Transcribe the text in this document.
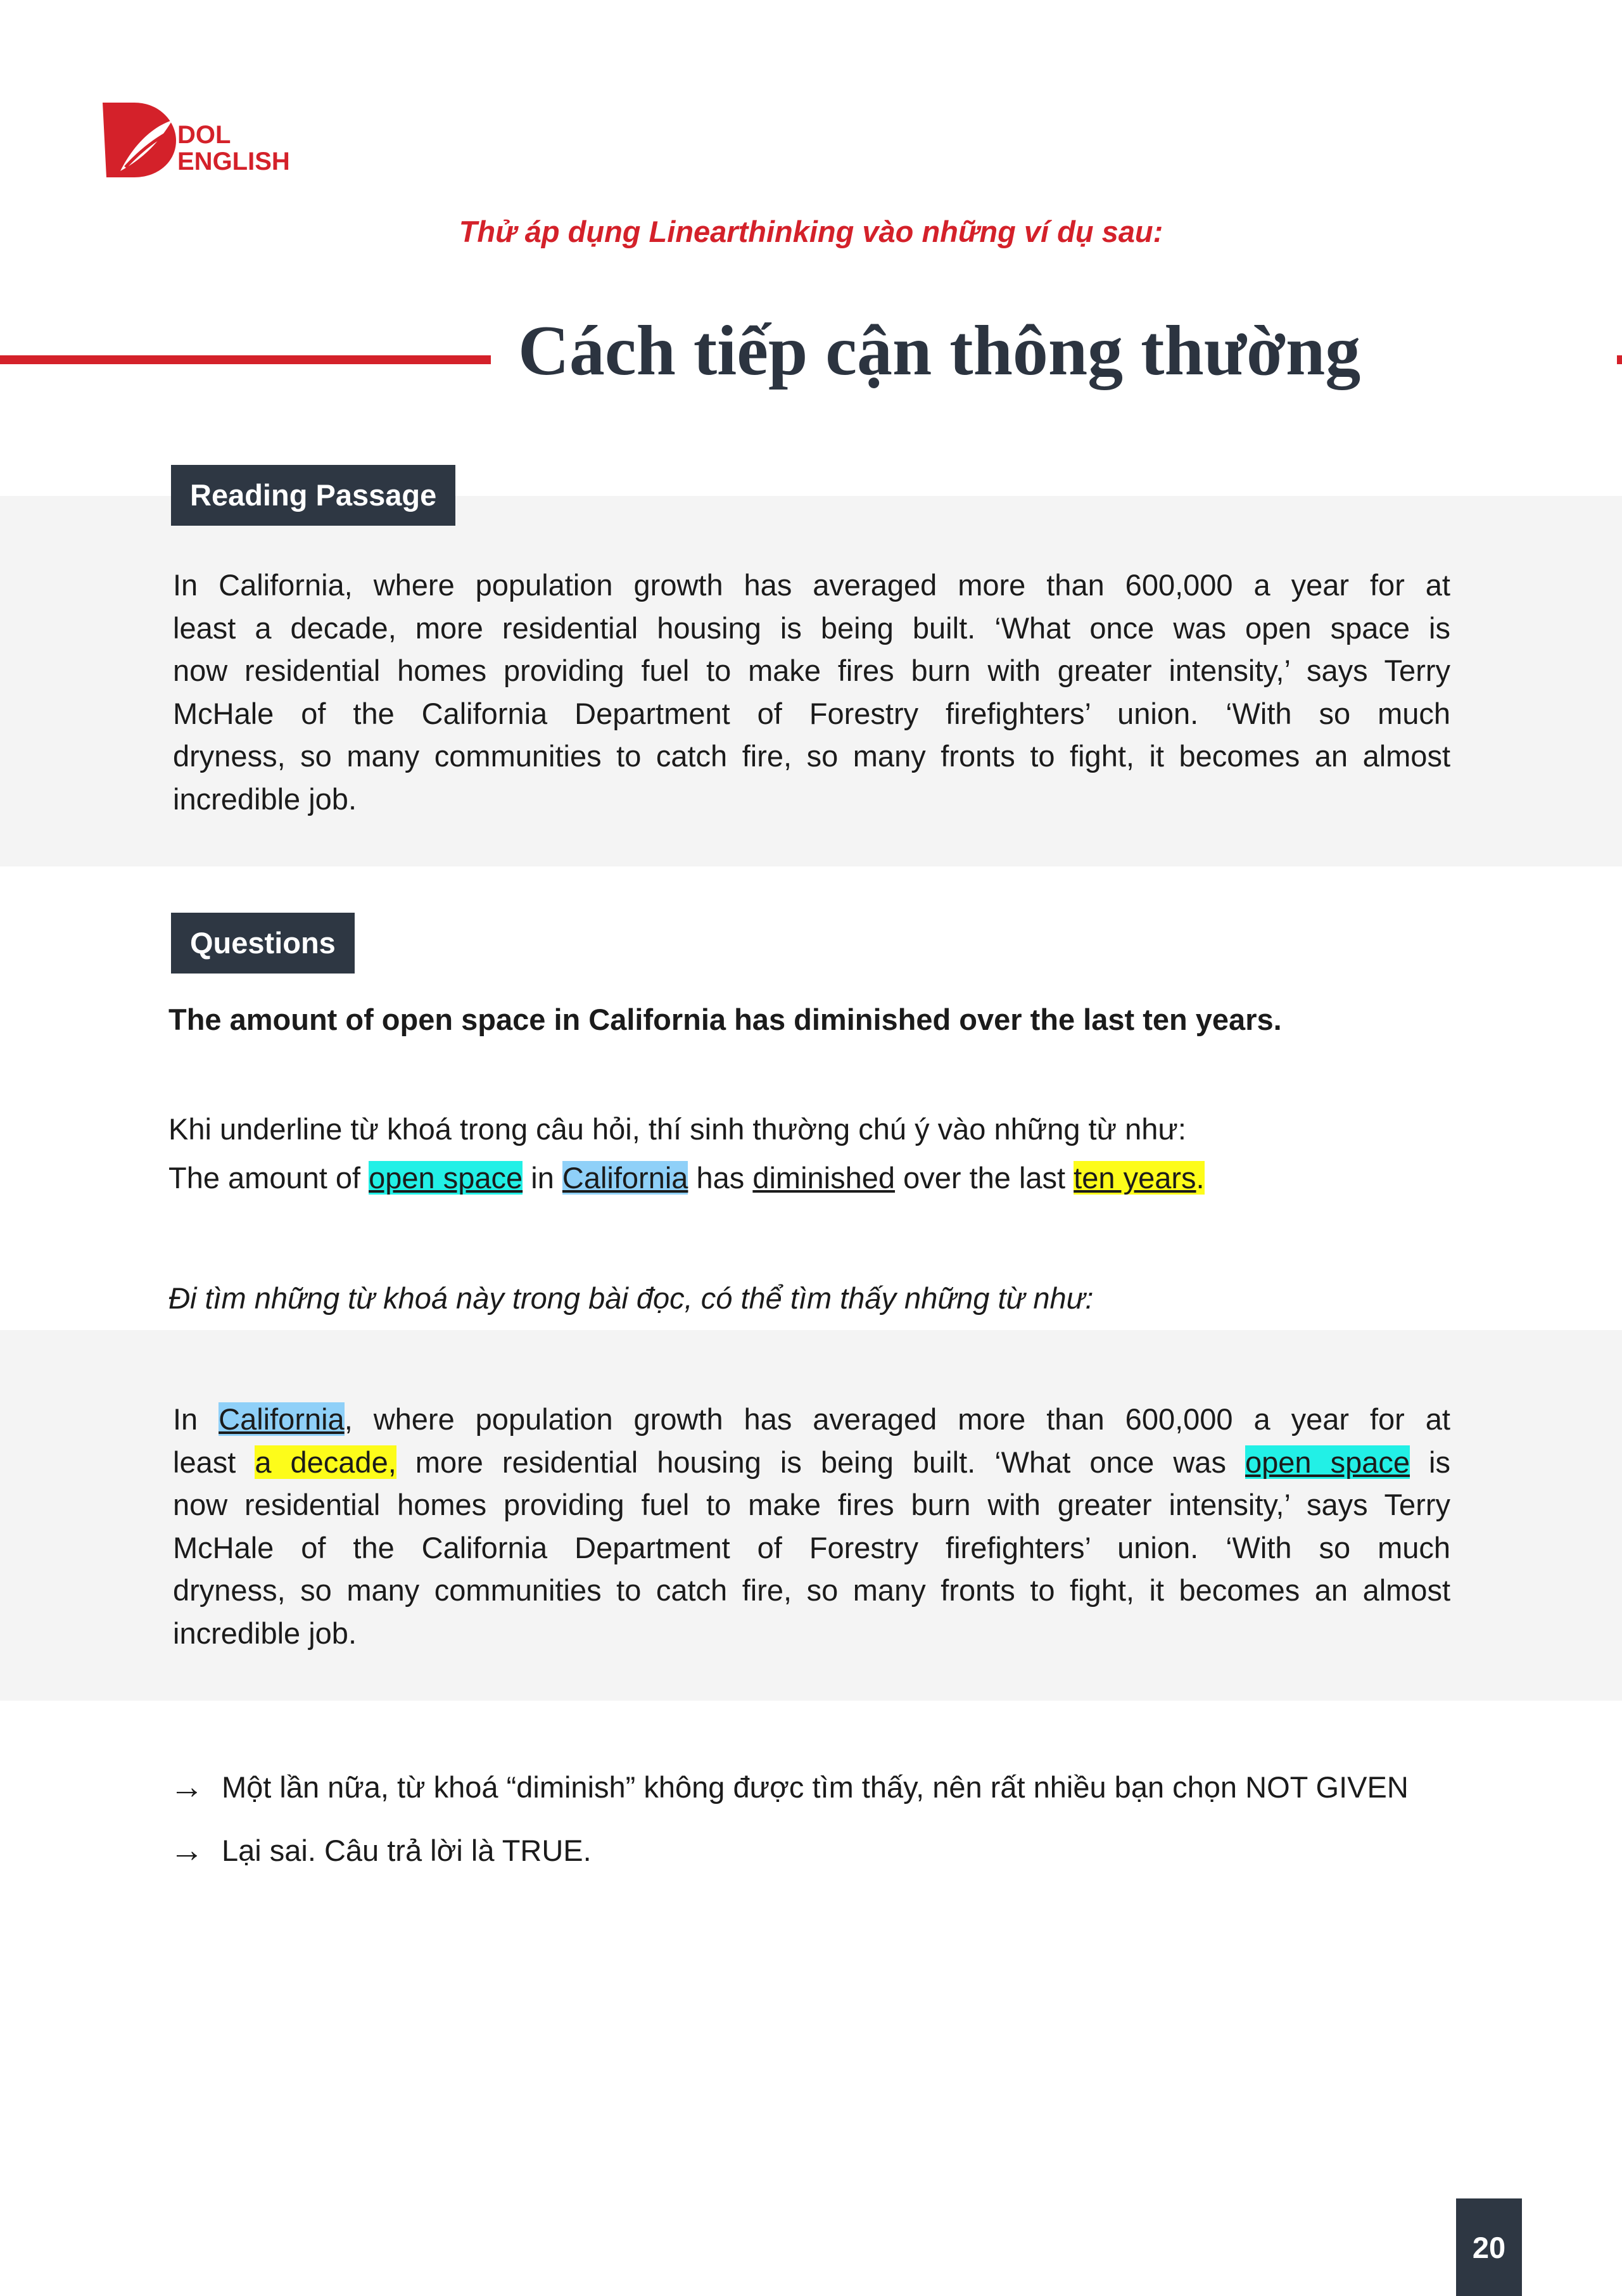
DOL
ENGLISH
Thử áp dụng Linearthinking vào những ví dụ sau:
Cách tiếp cận thông thường
Reading Passage
In California, where population growth has averaged more than 600,000 a year for at
least a decade, more residential housing is being built. ‘What once was open space is
now residential homes providing fuel to make fires burn with greater intensity,’ says Terry
McHale of the California Department of Forestry firefighters’ union. ‘With so much
dryness, so many communities to catch fire, so many fronts to fight, it becomes an almost
incredible job.
Questions
The amount of open space in California has diminished over the last ten years.
Khi underline từ khoá trong câu hỏi, thí sinh thường chú ý vào những từ như:
The amount of open space in California has diminished over the last ten years.
Đi tìm những từ khoá này trong bài đọc, có thể tìm thấy những từ như:
In California, where population growth has averaged more than 600,000 a year for at
least a decade, more residential housing is being built. ‘What once was open space is
now residential homes providing fuel to make fires burn with greater intensity,’ says Terry
McHale of the California Department of Forestry firefighters’ union. ‘With so much
dryness, so many communities to catch fire, so many fronts to fight, it becomes an almost
incredible job.
→ Một lần nữa, từ khoá “diminish” không được tìm thấy, nên rất nhiều bạn chọn NOT GIVEN
→ Lại sai. Câu trả lời là TRUE.
20
